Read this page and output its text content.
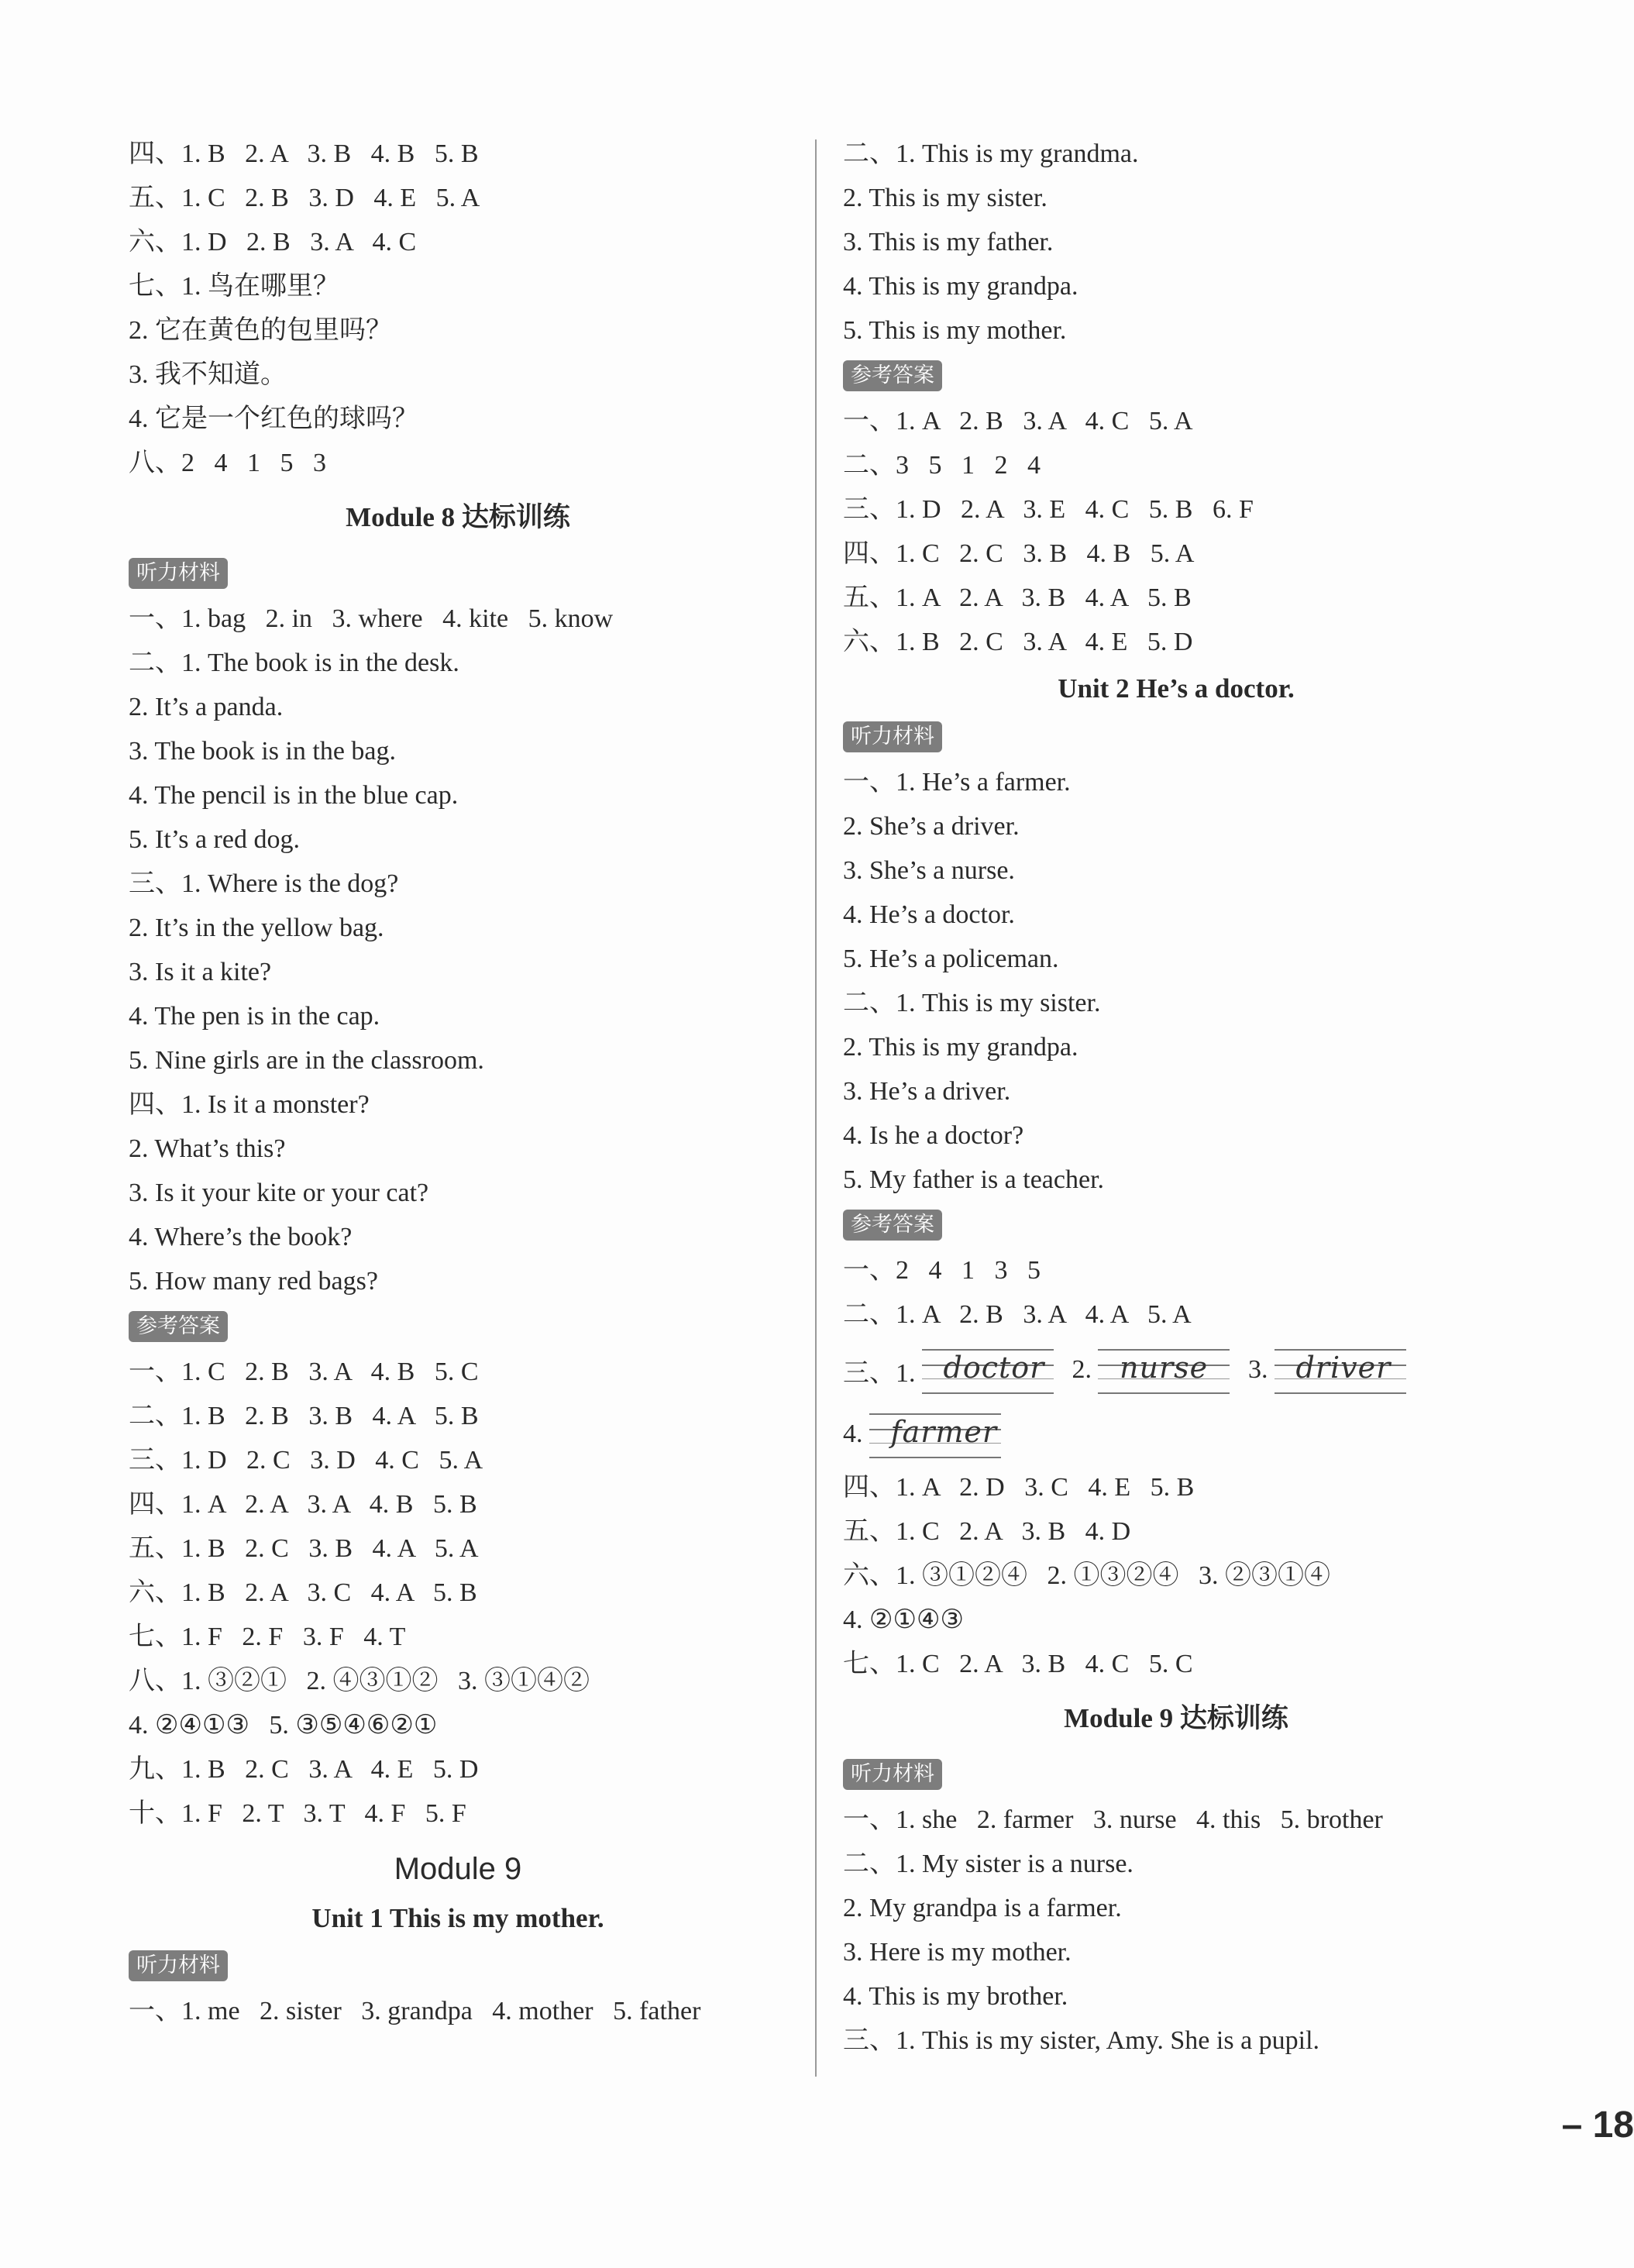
四、1. B   2. A   3. B   4. B   5. B
五、1. C   2. B   3. D   4. E   5. A
六、1. D   2. B   3. A   4. C
七、1. 鸟在哪里？
2. 它在黄色的包里吗？
3. 我不知道。
4. 它是一个红色的球吗？
八、2   4   1   5   3
Module 8 达标训练
听力材料
一、1. bag   2. in   3. where   4. kite   5. know
二、1. The book is in the desk.
2. It’s a panda.
3. The book is in the bag.
4. The pencil is in the blue cap.
5. It’s a red dog.
三、1. Where is the dog?
2. It’s in the yellow bag.
3. Is it a kite?
4. The pen is in the cap.
5. Nine girls are in the classroom.
四、1. Is it a monster?
2. What’s this?
3. Is it your kite or your cat?
4. Where’s the book?
5. How many red bags?
参考答案
一、1. C   2. B   3. A   4. B   5. C
二、1. B   2. B   3. B   4. A   5. B
三、1. D   2. C   3. D   4. C   5. A
四、1. A   2. A   3. A   4. B   5. B
五、1. B   2. C   3. B   4. A   5. A
六、1. B   2. A   3. C   4. A   5. B
七、1. F   2. F   3. F   4. T
八、1. ③②①   2. ④③①②   3. ③①④②
4. ②④①③   5. ③⑤④⑥②①
九、1. B   2. C   3. A   4. E   5. D
十、1. F   2. T   3. T   4. F   5. F
Module 9
Unit 1 This is my mother.
听力材料
一、1. me   2. sister   3. grandpa   4. mother   5. father
二、1. This is my grandma.
2. This is my sister.
3. This is my father.
4. This is my grandpa.
5. This is my mother.
参考答案
一、1. A   2. B   3. A   4. C   5. A
二、3   5   1   2   4
三、1. D   2. A   3. E   4. C   5. B   6. F
四、1. C   2. C   3. B   4. B   5. A
五、1. A   2. A   3. B   4. A   5. B
六、1. B   2. C   3. A   4. E   5. D
Unit 2 He’s a doctor.
听力材料
一、1. He’s a farmer.
2. She’s a driver.
3. She’s a nurse.
4. He’s a doctor.
5. He’s a policeman.
二、1. This is my sister.
2. This is my grandpa.
3. He’s a driver.
4. Is he a doctor?
5. My father is a teacher.
参考答案
一、2   4   1   3   5
二、1. A   2. B   3. A   4. A   5. A
三、1. doctor 2. nurse 3. driver
4. farmer
四、1. A   2. D   3. C   4. E   5. B
五、1. C   2. A   3. B   4. D
六、1. ③①②④   2. ①③②④   3. ②③①④
4. ②①④③
七、1. C   2. A   3. B   4. C   5. C
Module 9 达标训练
听力材料
一、1. she   2. farmer   3. nurse   4. this   5. brother
二、1. My sister is a nurse.
2. My grandpa is a farmer.
3. Here is my mother.
4. This is my brother.
三、1. This is my sister, Amy. She is a pupil.
– 18
